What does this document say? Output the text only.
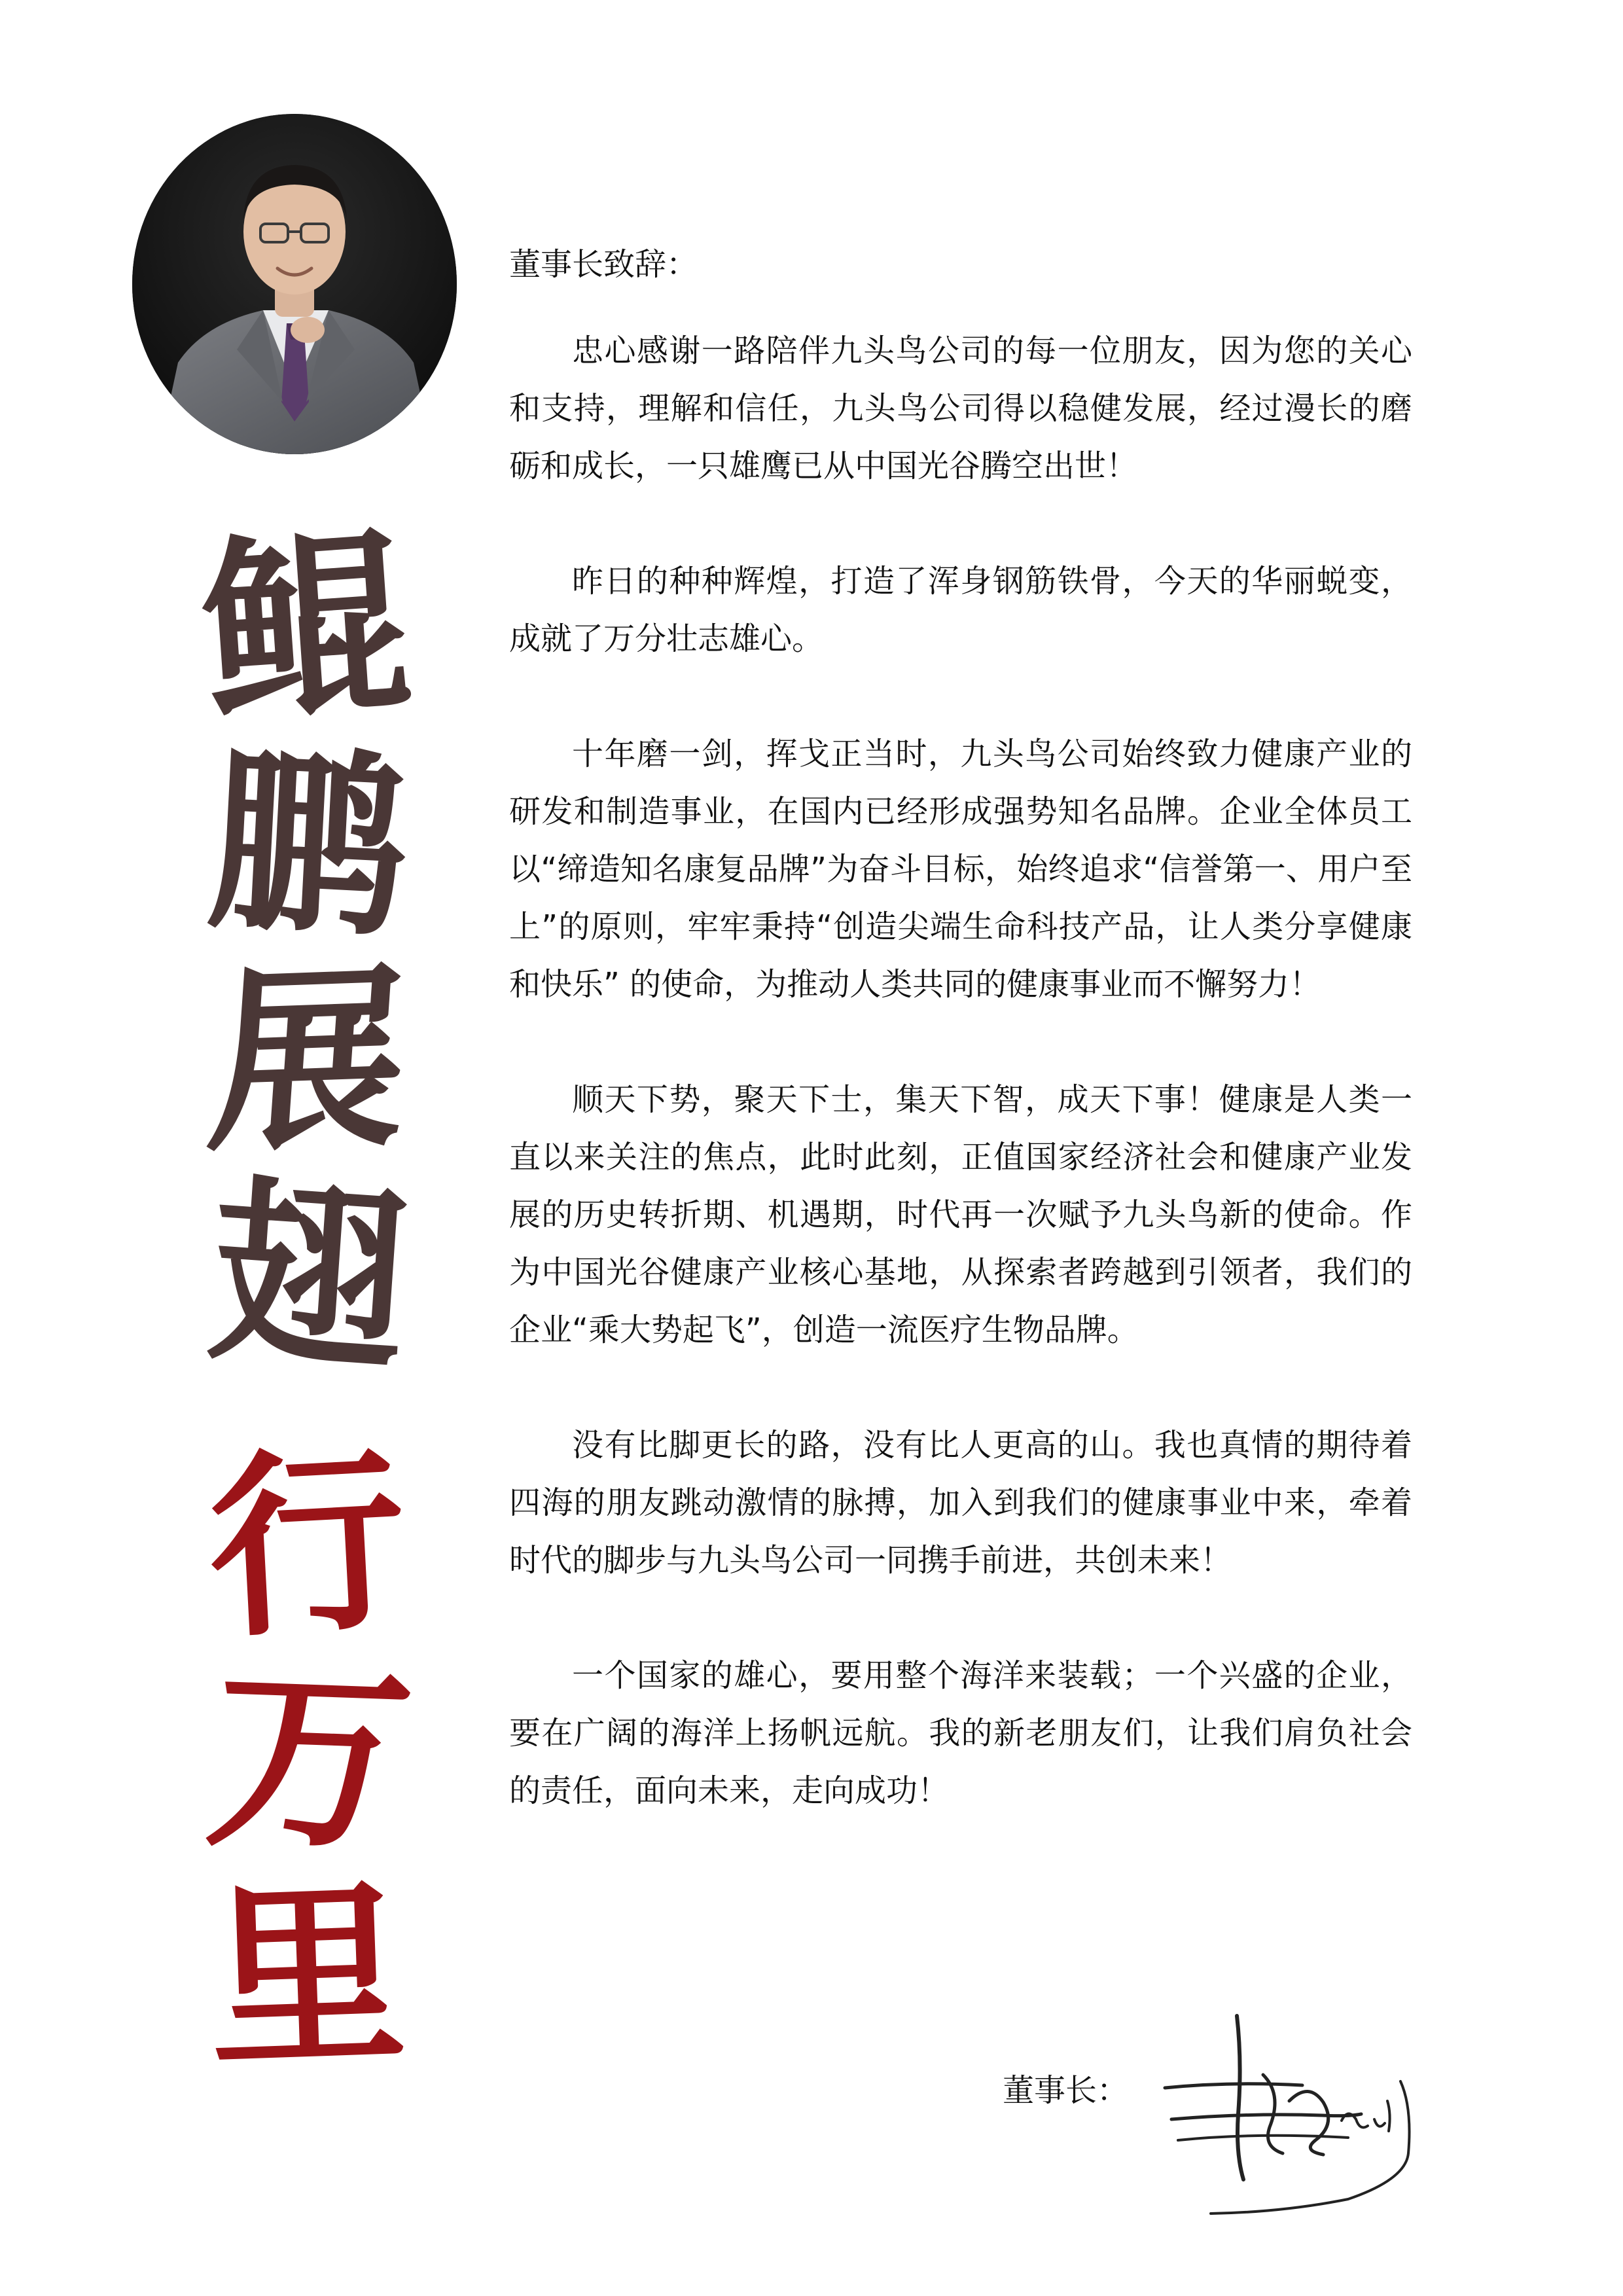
鲲
鹏
展
翅
行
万
里
董事长致辞：

忠心感谢一路陪伴九头鸟公司的每一位朋友，因为您的关心和支持，理解和信任，九头鸟公司得以稳健发展，经过漫长的磨砺和成长，一只雄鹰已从中国光谷腾空出世！

昨日的种种辉煌，打造了浑身钢筋铁骨，今天的华丽蜕变，成就了万分壮志雄心。

十年磨一剑，挥戈正当时，九头鸟公司始终致力健康产业的研发和制造事业，在国内已经形成强势知名品牌。企业全体员工以“缔造知名康复品牌”为奋斗目标，始终追求“信誉第一、用户至上”的原则，牢牢秉持“创造尖端生命科技产品，让人类分享健康和快乐” 的使命，为推动人类共同的健康事业而不懈努力！

顺天下势，聚天下士，集天下智，成天下事！健康是人类一直以来关注的焦点，此时此刻，正值国家经济社会和健康产业发展的历史转折期、机遇期，时代再一次赋予九头鸟新的使命。作为中国光谷健康产业核心基地，从探索者跨越到引领者，我们的企业“乘大势起飞”，创造一流医疗生物品牌。

没有比脚更长的路，没有比人更高的山。我也真情的期待着四海的朋友跳动激情的脉搏，加入到我们的健康事业中来，牵着时代的脚步与九头鸟公司一同携手前进，共创未来！

一个国家的雄心，要用整个海洋来装载；一个兴盛的企业，要在广阔的海洋上扬帆远航。我的新老朋友们，让我们肩负社会的责任，面向未来，走向成功！

董事长：
